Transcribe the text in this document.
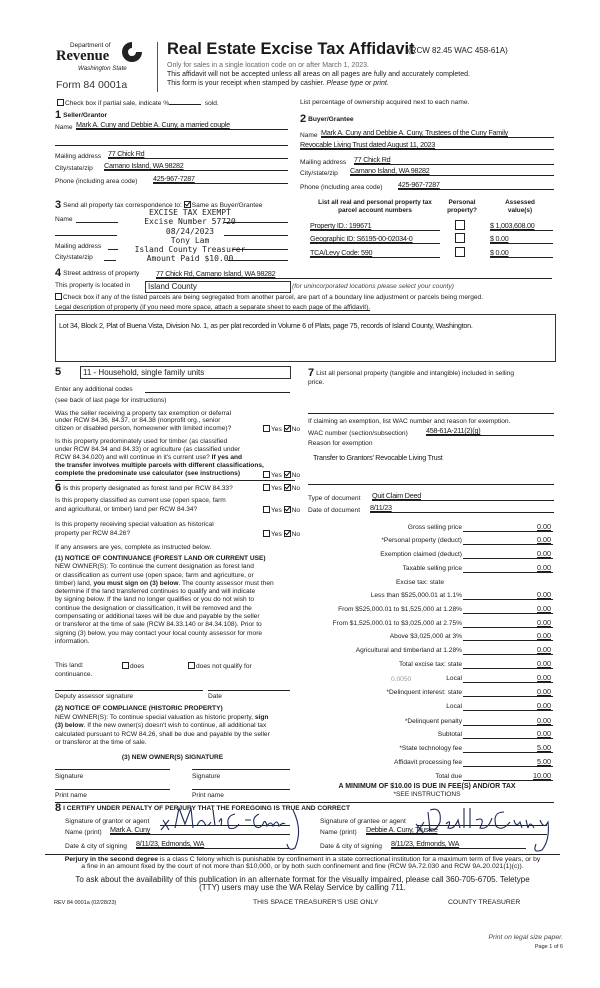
Department of
Revenue
Washington State
Form 84 0001a
Real Estate Excise Tax Affidavit
(RCW 82.45 WAC 458-61A)
Only for sales in a single location code on or after March 1, 2023.
This affidavit will not be accepted unless all areas on all pages are fully and accurately completed.
This form is your receipt when stamped by cashier. Please type or print.
Check box if partial sale, indicate %	sold.	List percentage of ownership acquired next to each name.
1 Seller/Grantor
Name Mark A. Cuny and Debbie A. Cuny, a married couple
Mailing address 77 Chick Rd
City/state/zip Camano Island, WA 98282
Phone (including area code) 425-967-7287
2 Buyer/Grantee
Name Mark A. Cuny and Debbie A. Cuny, Trustees of the Cuny Family
Revocable Living Trust dated August 11, 2023
Mailing address 77 Chick Rd
City/state/zip Camano Island, WA 98282
Phone (including area code) 425-967-7287
3 Send all property tax correspondence to: Same as Buyer/Grantee
Name
Mailing address
City/state/zip
EXCISE TAX EXEMPT
Excise Number 57720
08/24/2023
Tony Lam
Island County Treasurer
Amount Paid $10.00
List all real and personal property tax
parcel account numbers
Personal
property?
Assessed
value(s)
Property ID.: 199671	$ 1,003,608.00
Geographic ID: S6195-00-02034-0	$ 0.00
TCA/Levy Code: 590	$ 0.00
4 Street address of property 77 Chick Rd, Camano Island, WA 98282
This property is located in	Island County	(for unincorporated locations please select your county)
Check box if any of the listed parcels are being segregated from another parcel, are part of a boundary line adjustment or parcels being merged.
Legal description of property (if you need more space, attach a separate sheet to each page of the affidavit).
Lot 34, Block 2, Plat of Buena Vista, Division No. 1, as per plat recorded in Volume 6 of Plats, page 75, records of Island County, Washington.
5	11 - Household, single family units
Enter any additional codes
(see back of last page for instructions)
Was the seller receiving a property tax exemption or deferral
under RCW 84.36, 84.37, or 84.38 (nonprofit org., senior
citizen or disabled person, homeowner with limited income)?	Yes No
Is this property predominately used for timber (as classified
under RCW 84.34 and 84.33) or agriculture (as classified under
RCW 84.34.020) and will continue in it's current use? If yes and
the transfer involves multiple parcels with different classifications,
complete the predominate use calculator (see instructions)	Yes No
6 Is this property designated as forest land per RCW 84.33?	Yes No
Is this property classified as current use (open space, farm
and agricultural, or timber) land per RCW 84.34?	Yes No
Is this property receiving special valuation as historical
property per RCW 84.26?	Yes No
If any answers are yes, complete as instructed below.
(1) NOTICE OF CONTINUANCE (FOREST LAND OR CURRENT USE)
NEW OWNER(S): To continue the current designation as forest land
or classification as current use (open space, farm and agriculture, or
timber) land, you must sign on (3) below. The county assessor must then
determine if the land transferred continues to qualify and will indicate
by signing below. If the land no longer qualifies or you do not wish to
continue the designation or classification, it will be removed and the
compensating or additional taxes will be due and payable by the seller
or transferor at the time of sale (RCW 84.33.140 or 84.34.108). Prior to
signing (3) below, you may contact your local county assessor for more
information.
This land:	does	does not qualify for
continuance.
Deputy assessor signature	Date
(2) NOTICE OF COMPLIANCE (HISTORIC PROPERTY)
NEW OWNER(S): To continue special valuation as historic property, sign
(3) below. If the new owner(s) doesn't wish to continue, all additional tax
calculated pursuant to RCW 84.26, shall be due and payable by the seller
or transferor at the time of sale.
(3) NEW OWNER(S) SIGNATURE
Signature	Signature
Print name	Print name
7 List all personal property (tangible and intangible) included in selling
price.
If claiming an exemption, list WAC number and reason for exemption.
WAC number (section/subsection)	458-61A-211(2)(g)
Reason for exemption
Transfer to Grantors' Revocable Living Trust
Type of document Quit Claim Deed
Date of document 8/11/23
Gross selling price	0.00
*Personal property (deduct)	0.00
Exemption claimed (deduct)	0.00
Taxable selling price	0.00
Excise tax: state
Less than $525,000.01 at 1.1%	0.00
From $525,000.01 to $1,525,000 at 1.28%	0.00
From $1,525,000.01 to $3,025,000 at 2.75%	0.00
Above $3,025,000 at 3%	0.00
Agricultural and timberland at 1.28%	0.00
Total excise tax: state	0.00
Local	0.00
*Delinquent interest: state	0.00
Local	0.00
*Delinquent penalty	0.00
Subtotal	0.00
*State technology fee	5.00
Affidavit processing fee	5.00
Total due	10.00
0.0050
A MINIMUM OF $10.00 IS DUE IN FEE(S) AND/OR TAX
*SEE INSTRUCTIONS
8 I CERTIFY UNDER PENALTY OF PERJURY THAT THE FOREGOING IS TRUE AND CORRECT
Signature of grantor or agent
Name (print) Mark A. Cuny
Date & city of signing 8/11/23, Edmonds, WA
Signature of grantee or agent
Name (print) Debbie A. Cuny, Trustee
Date & city of signing 8/11/23, Edmonds, WA
Perjury in the second degree is a class C felony which is punishable by confinement in a state correctional institution for a maximum term of five years, or by
a fine in an amount fixed by the court of not more than $10,000, or by both such confinement and fine (RCW 9A.72.030 and RCW 9A.20.021(1)(c)).
To ask about the availability of this publication in an alternate format for the visually impaired, please call 360-705-6705. Teletype
(TTY) users may use the WA Relay Service by calling 711.
REV 84 0001a (02/28/23)	THIS SPACE TREASURER'S USE ONLY	COUNTY TREASURER
Print on legal size paper.
Page 1 of 6
